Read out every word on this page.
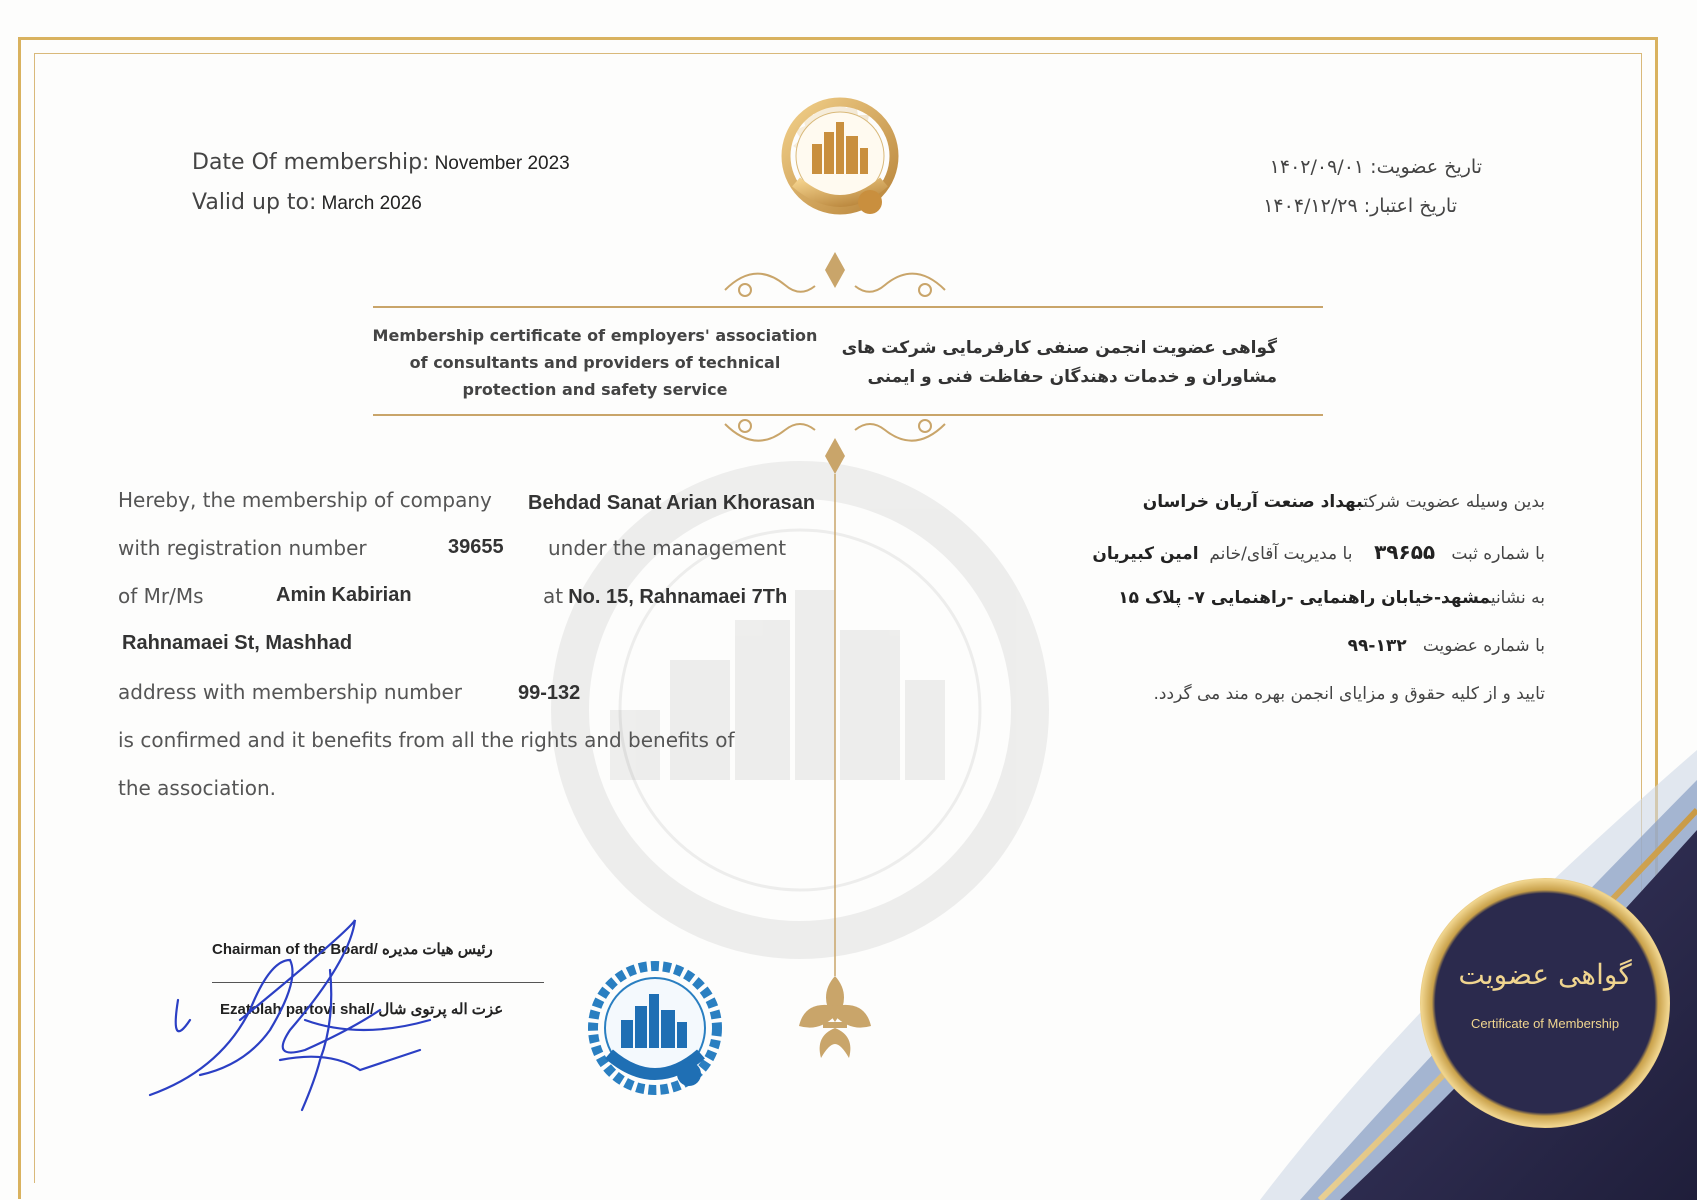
Date Of membership: November 2023
Valid up to: March 2026
تاریخ عضویت: ۱۴۰۲/۰۹/۰۱
تاریخ اعتبار: ۱۴۰۴/۱۲/۲۹
Membership certificate of employers' association
of consultants and providers of technical
protection and safety service
گواهی عضویت انجمن صنفی کارفرمایی شرکت های
مشاوران و خدمات دهندگان حفاظت فنی و ایمنی
Hereby, the membership of company Behdad Sanat Arian Khorasan
with registration number	39655 under the management
of Mr/Ms	Amin Kabirian	at No. 15, Rahnamaei 7Th
Rahnamaei St, Mashhad
address with membership number	99-132
is confirmed and it benefits from all the rights and benefits of
the association.
بدین وسیله عضویت شرکتبهداد صنعت آریان خراسان
با شماره ثبت   ۳۹۶۵۵    با مدیریت آقای/خانم  امین کبیریان
به نشانیمشهد-خیابان راهنمایی -راهنمایی ۷- پلاک ۱۵
با شماره عضویت   ۱۳۲-۹۹
تایید و از کلیه حقوق و مزایای انجمن بهره مند می گردد.
Chairman of the Board/ رئیس هیات مدیره
Ezatolah partovi shal/ عزت اله پرتوی شال
گواهی عضویت
Certificate of Membership
